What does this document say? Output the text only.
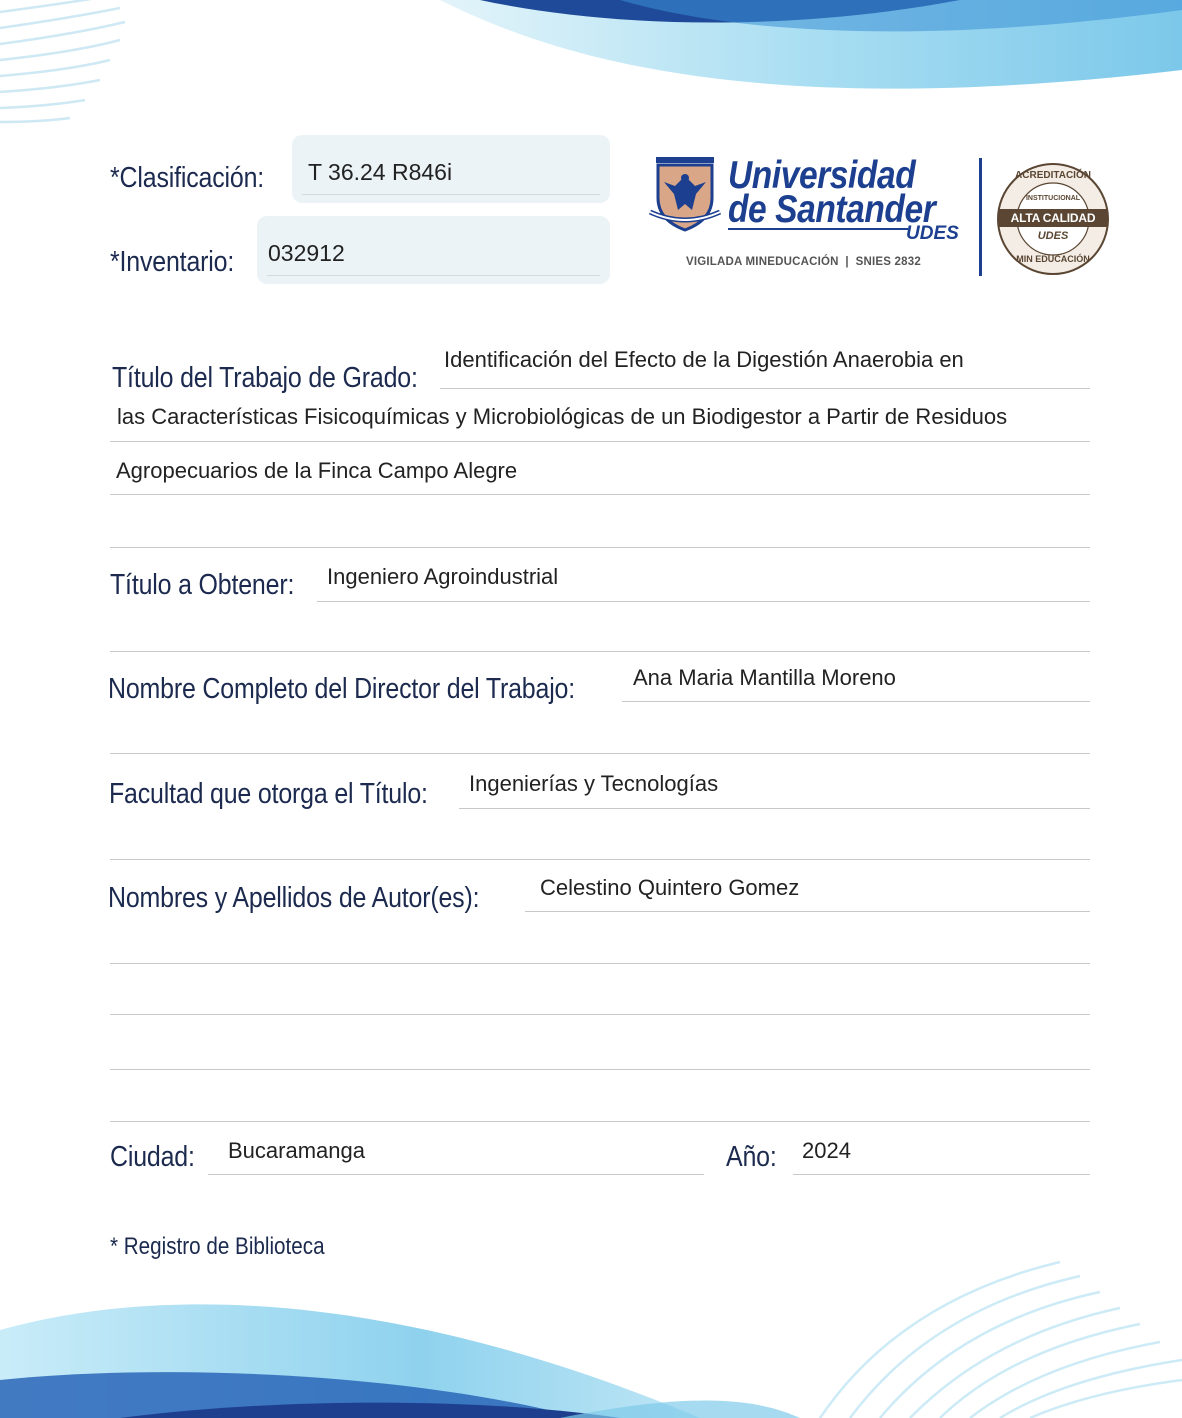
*Clasificación: T 36.24 R846i
*Inventario: 032912
Universidad
de Santander
UDES
VIGILADA MINEDUCACIÓN  |  SNIES 2832
ACREDITACIÓN
INSTITUCIONAL
ALTA CALIDAD
UDES
MIN EDUCACIÓN
Título del Trabajo de Grado:
Identificación del Efecto de la Digestión Anaerobia en
las Características Fisicoquímicas y Microbiológicas de un Biodigestor a Partir de Residuos
Agropecuarios de la Finca Campo Alegre
Título a Obtener: Ingeniero Agroindustrial
Nombre Completo del Director del Trabajo:	Ana Maria Mantilla Moreno
Facultad que otorga el Título: Ingenierías y Tecnologías
Nombres y Apellidos de Autor(es):	Celestino Quintero Gomez
Ciudad: Bucaramanga	Año: 2024
* Registro de Biblioteca
